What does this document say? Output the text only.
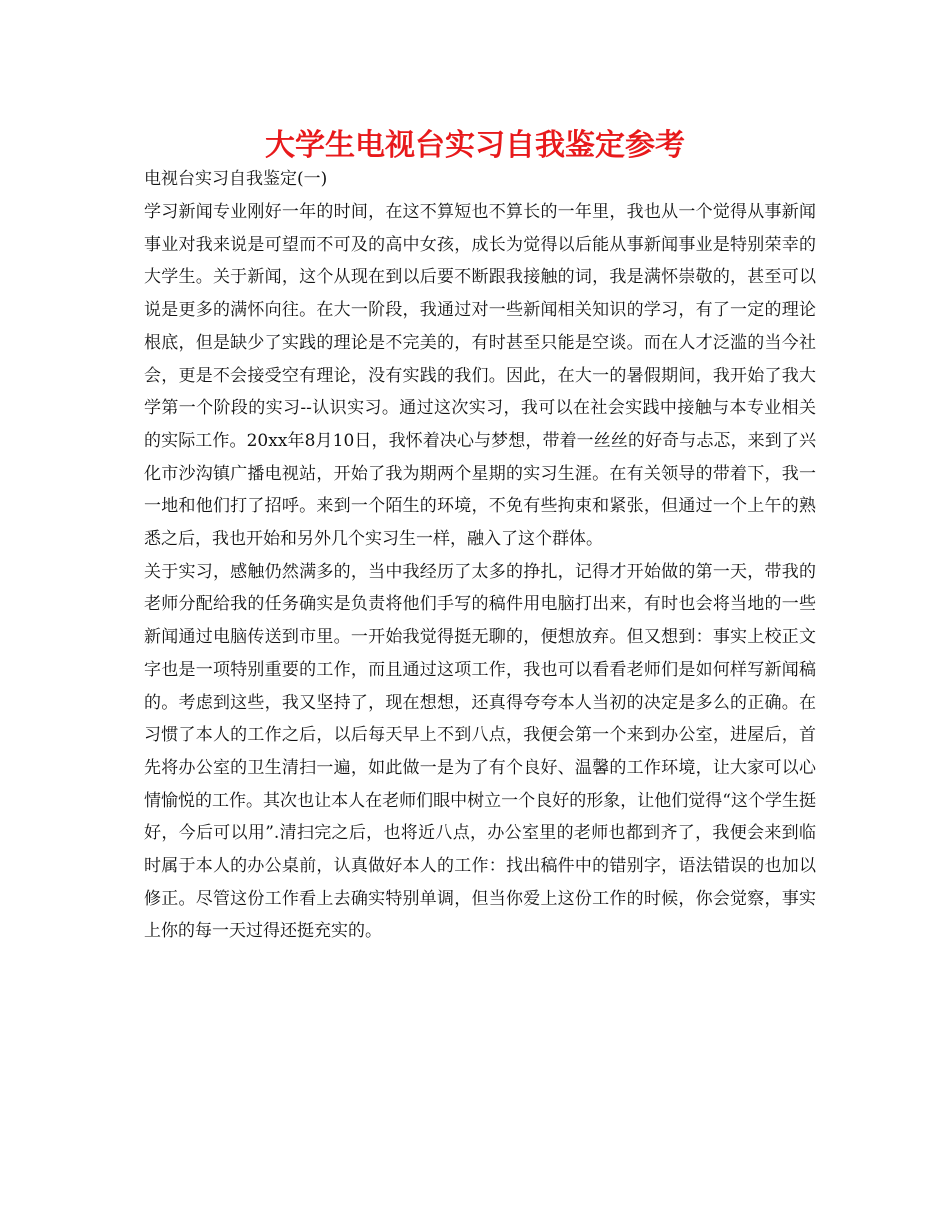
大学生电视台实习自我鉴定参考
电视台实习自我鉴定(一)

学习新闻专业刚好一年的时间，在这不算短也不算长的一年里，我也从一个觉得从事新闻事业对我来说是可望而不可及的高中女孩，成长为觉得以后能从事新闻事业是特别荣幸的大学生。关于新闻，这个从现在到以后要不断跟我接触的词，我是满怀崇敬的，甚至可以说是更多的满怀向往。在大一阶段，我通过对一些新闻相关知识的学习，有了一定的理论根底，但是缺少了实践的理论是不完美的，有时甚至只能是空谈。而在人才泛滥的当今社会，更是不会接受空有理论，没有实践的我们。因此，在大一的暑假期间，我开始了我大学第一个阶段的实习--认识实习。通过这次实习，我可以在社会实践中接触与本专业相关的实际工作。20xx年8月10日，我怀着决心与梦想，带着一丝丝的好奇与忐忑，来到了兴化市沙沟镇广播电视站，开始了我为期两个星期的实习生涯。在有关领导的带着下，我一一地和他们打了招呼。来到一个陌生的环境，不免有些拘束和紧张，但通过一个上午的熟悉之后，我也开始和另外几个实习生一样，融入了这个群体。

关于实习，感触仍然满多的，当中我经历了太多的挣扎，记得才开始做的第一天，带我的老师分配给我的任务确实是负责将他们手写的稿件用电脑打出来，有时也会将当地的一些新闻通过电脑传送到市里。一开始我觉得挺无聊的，便想放弃。但又想到：事实上校正文字也是一项特别重要的工作，而且通过这项工作，我也可以看看老师们是如何样写新闻稿的。考虑到这些，我又坚持了，现在想想，还真得夸夸本人当初的决定是多么的正确。在习惯了本人的工作之后，以后每天早上不到八点，我便会第一个来到办公室，进屋后，首先将办公室的卫生清扫一遍，如此做一是为了有个良好、温馨的工作环境，让大家可以心情愉悦的工作。其次也让本人在老师们眼中树立一个良好的形象，让他们觉得“这个学生挺好，今后可以用”.清扫完之后，也将近八点，办公室里的老师也都到齐了，我便会来到临时属于本人的办公桌前，认真做好本人的工作：找出稿件中的错别字，语法错误的也加以修正。尽管这份工作看上去确实特别单调，但当你爱上这份工作的时候，你会觉察，事实上你的每一天过得还挺充实的。
